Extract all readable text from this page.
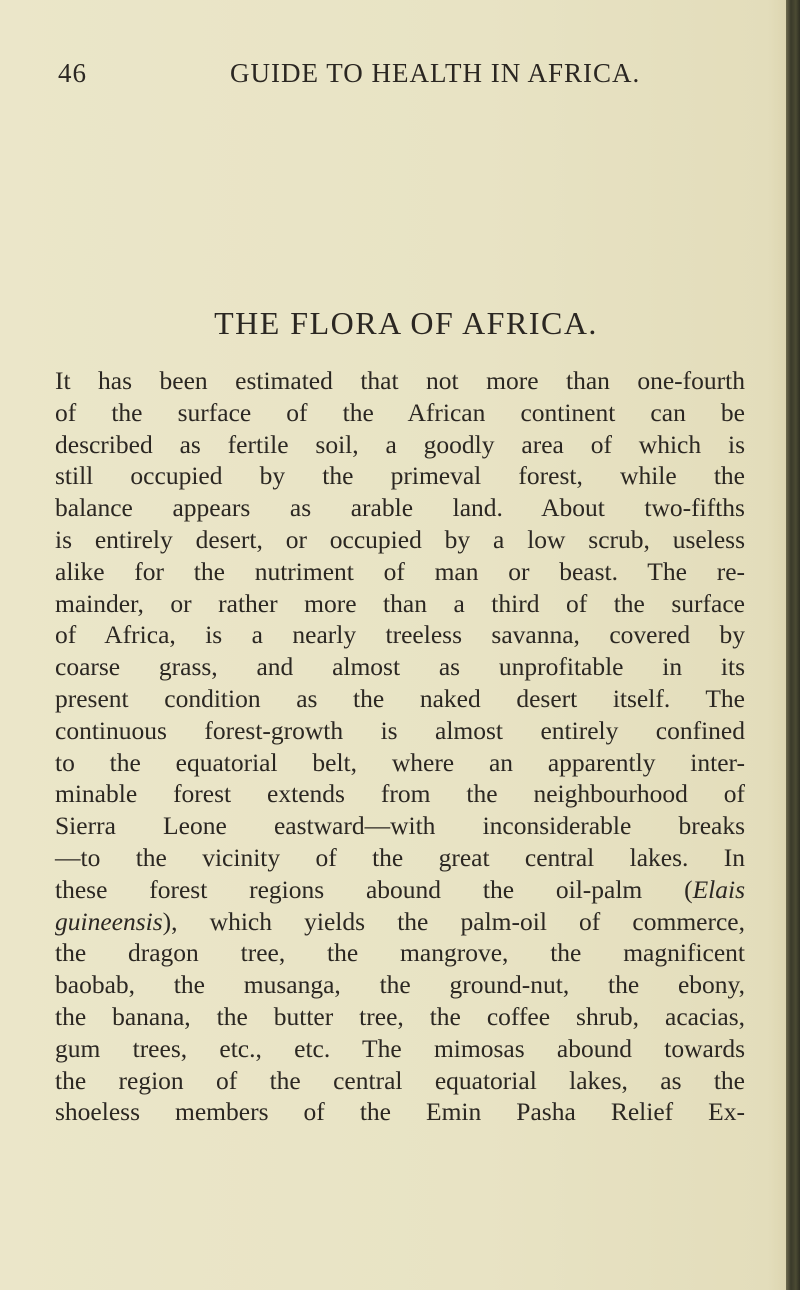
46	GUIDE TO HEALTH IN AFRICA.
THE FLORA OF AFRICA.
It has been estimated that not more than one-fourth
of the surface of the African continent can be
described as fertile soil, a goodly area of which is
still occupied by the primeval forest, while the
balance appears as arable land. About two-fifths
is entirely desert, or occupied by a low scrub, useless
alike for the nutriment of man or beast. The re-
mainder, or rather more than a third of the surface
of Africa, is a nearly treeless savanna, covered by
coarse grass, and almost as unprofitable in its
present condition as the naked desert itself. The
continuous forest-growth is almost entirely confined
to the equatorial belt, where an apparently inter-
minable forest extends from the neighbourhood of
Sierra Leone eastward—with inconsiderable breaks
—to the vicinity of the great central lakes. In
these forest regions abound the oil-palm (Elais
guineensis), which yields the palm-oil of commerce,
the dragon tree, the mangrove, the magnificent
baobab, the musanga, the ground-nut, the ebony,
the banana, the butter tree, the coffee shrub, acacias,
gum trees, etc., etc. The mimosas abound towards
the region of the central equatorial lakes, as the
shoeless members of the Emin Pasha Relief Ex-
